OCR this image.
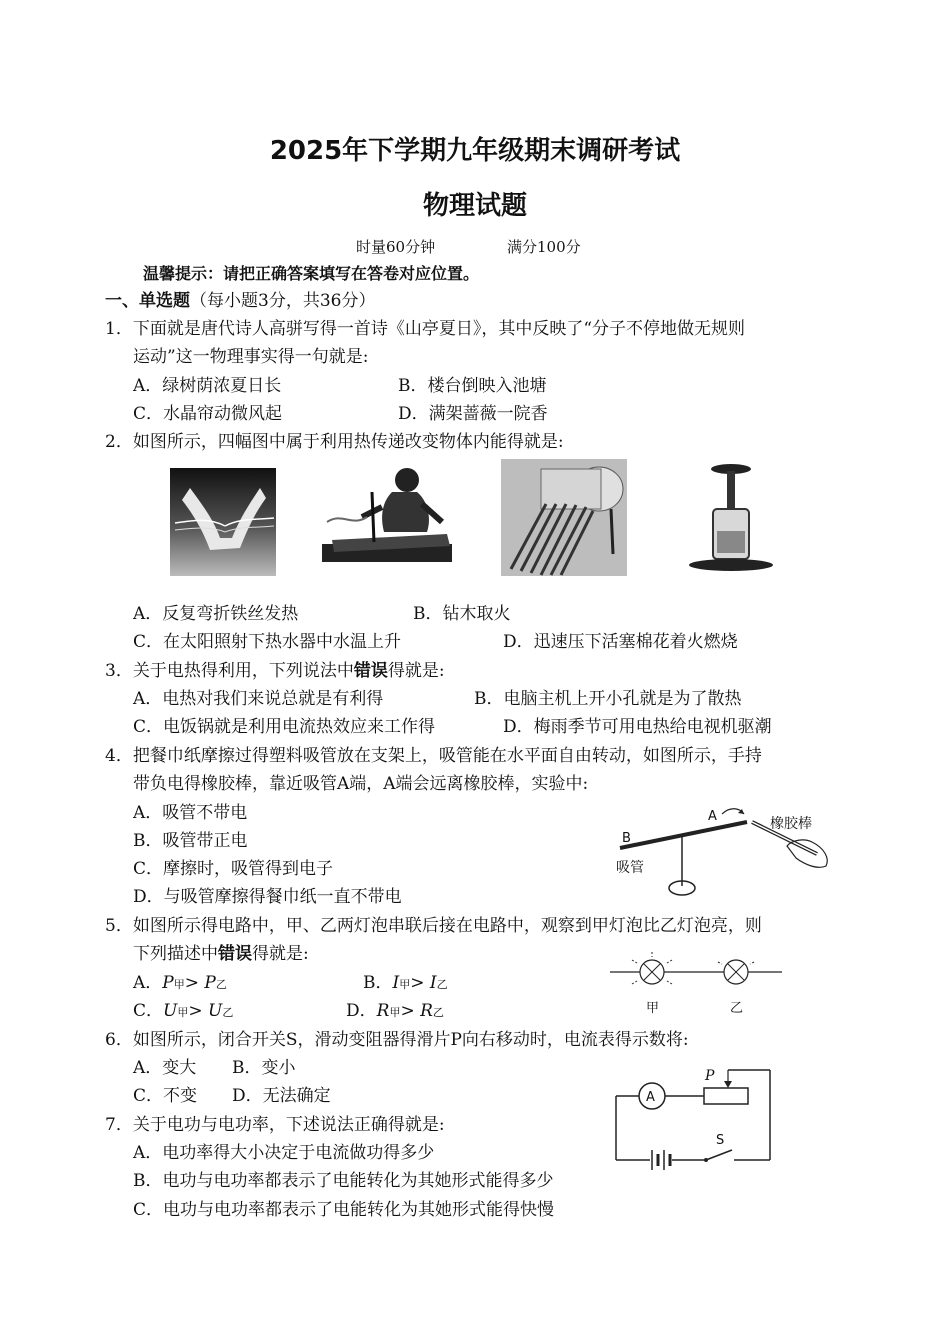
2025年下学期九年级期末调研考试
物理试题
时量60分钟	满分100分
温馨提示：请把正确答案填写在答卷对应位置。
一、单选题（每小题3分，共36分）
1．下面就是唐代诗人高骈写得一首诗《山亭夏日》，其中反映了“分子不停地做无规则
运动”这一物理事实得一句就是:
A．绿树荫浓夏日长	B．楼台倒映入池塘
C．水晶帘动微风起	D．满架蔷薇一院香
2．如图所示，四幅图中属于利用热传递改变物体内能得就是:
A．反复弯折铁丝发热	B．钻木取火
C．在太阳照射下热水器中水温上升	D．迅速压下活塞棉花着火燃烧
3．关于电热得利用，下列说法中错误得就是:
A．电热对我们来说总就是有利得	B．电脑主机上开小孔就是为了散热
C．电饭锅就是利用电流热效应来工作得	D．梅雨季节可用电热给电视机驱潮
4．把餐巾纸摩擦过得塑料吸管放在支架上，吸管能在水平面自由转动，如图所示，手持
带负电得橡胶棒，靠近吸管A端，A端会远离橡胶棒，实验中:
A．吸管不带电
B．吸管带正电
C．摩擦时，吸管得到电子
D．与吸管摩擦得餐巾纸一直不带电
A
B
橡胶棒
吸管
5．如图所示得电路中，甲、乙两灯泡串联后接在电路中，观察到甲灯泡比乙灯泡亮，则
下列描述中错误得就是:
A．P甲> P乙	B．I甲> I乙
C．U甲> U乙	D．R甲> R乙	甲	乙
6．如图所示，闭合开关S，滑动变阻器得滑片P向右移动时，电流表得示数将:
A．变大 B．变小
C．不变 D．无法确定	A
P
S
7．关于电功与电功率，下述说法正确得就是:
A．电功率得大小决定于电流做功得多少
B．电功与电功率都表示了电能转化为其她形式能得多少
C．电功与电功率都表示了电能转化为其她形式能得快慢
